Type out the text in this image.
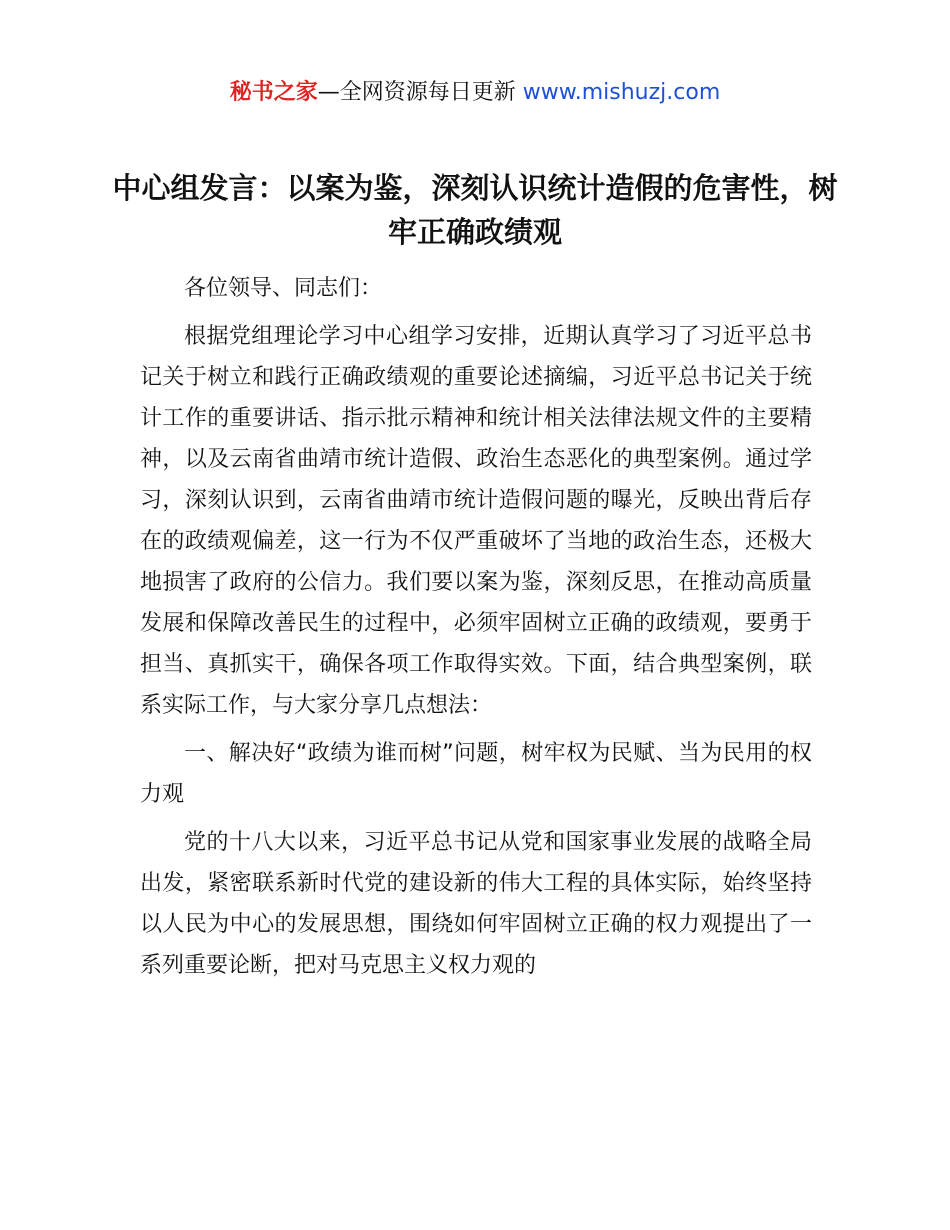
秘书之家—全网资源每日更新 www.mishuzj.com
中心组发言：以案为鉴，深刻认识统计造假的危害性，树牢正确政绩观

各位领导、同志们：

根据党组理论学习中心组学习安排，近期认真学习了习近平总书记关于树立和践行正确政绩观的重要论述摘编，习近平总书记关于统计工作的重要讲话、指示批示精神和统计相关法律法规文件的主要精神，以及云南省曲靖市统计造假、政治生态恶化的典型案例。通过学习，深刻认识到，云南省曲靖市统计造假问题的曝光，反映出背后存在的政绩观偏差，这一行为不仅严重破坏了当地的政治生态，还极大地损害了政府的公信力。我们要以案为鉴，深刻反思，在推动高质量发展和保障改善民生的过程中，必须牢固树立正确的政绩观，要勇于担当、真抓实干，确保各项工作取得实效。下面，结合典型案例，联系实际工作，与大家分享几点想法：

一、解决好“政绩为谁而树”问题，树牢权为民赋、当为民用的权力观

党的十八大以来，习近平总书记从党和国家事业发展的战略全局出发，紧密联系新时代党的建设新的伟大工程的具体实际，始终坚持以人民为中心的发展思想，围绕如何牢固树立正确的权力观提出了一系列重要论断，把对马克思主义权力观的
